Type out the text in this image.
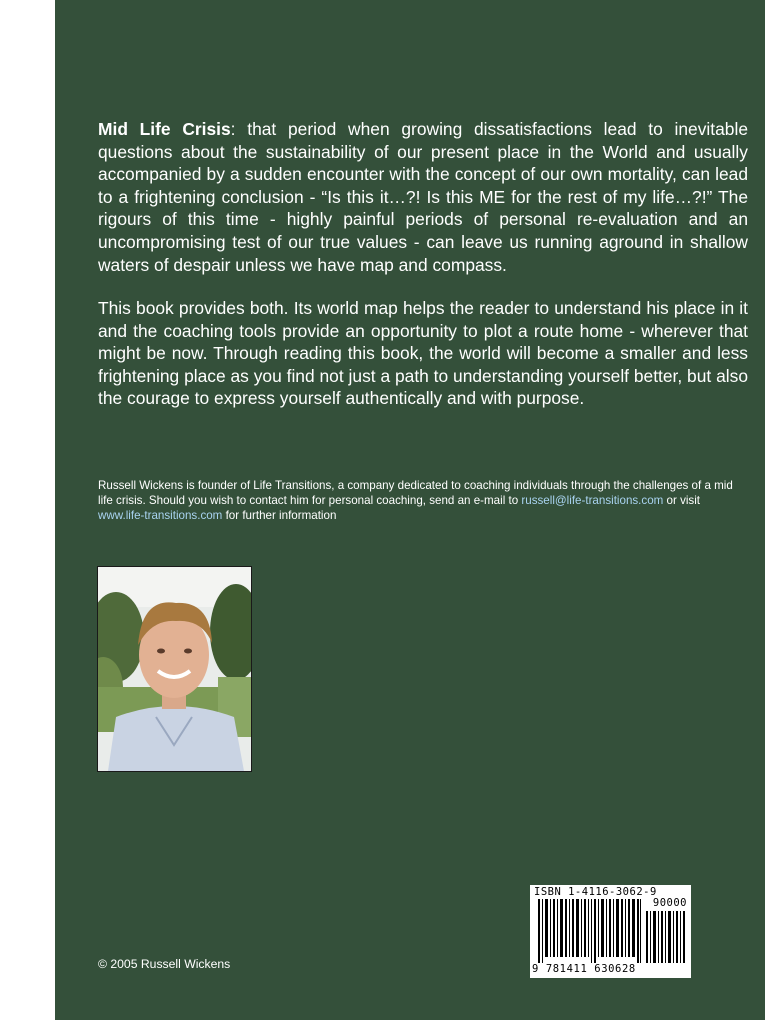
Mid Life Crisis: that period when growing dissatisfactions lead to inevitable questions about the sustainability of our present place in the World and usually accompanied by a sudden encounter with the concept of our own mortality, can lead to a frightening conclusion - “Is this it…?! Is this ME for the rest of my life…?!” The rigours of this time - highly painful periods of personal re-evaluation and an uncompromising test of our true values - can leave us running aground in shallow waters of despair unless we have map and compass.

This book provides both. Its world map helps the reader to understand his place in it and the coaching tools provide an opportunity to plot a route home - wherever that might be now. Through reading this book, the world will become a smaller and less frightening place as you find not just a path to understanding yourself better, but also the courage to express yourself authentically and with purpose.

Russell Wickens is founder of Life Transitions, a company dedicated to coaching individuals through the challenges of a mid life crisis. Should you wish to contact him for personal coaching, send an e-mail to russell@life-transitions.com or visit www.life-transitions.com for further information

ISBN 1-4116-3062-9
90000
9 781411 630628

© 2005 Russell Wickens
